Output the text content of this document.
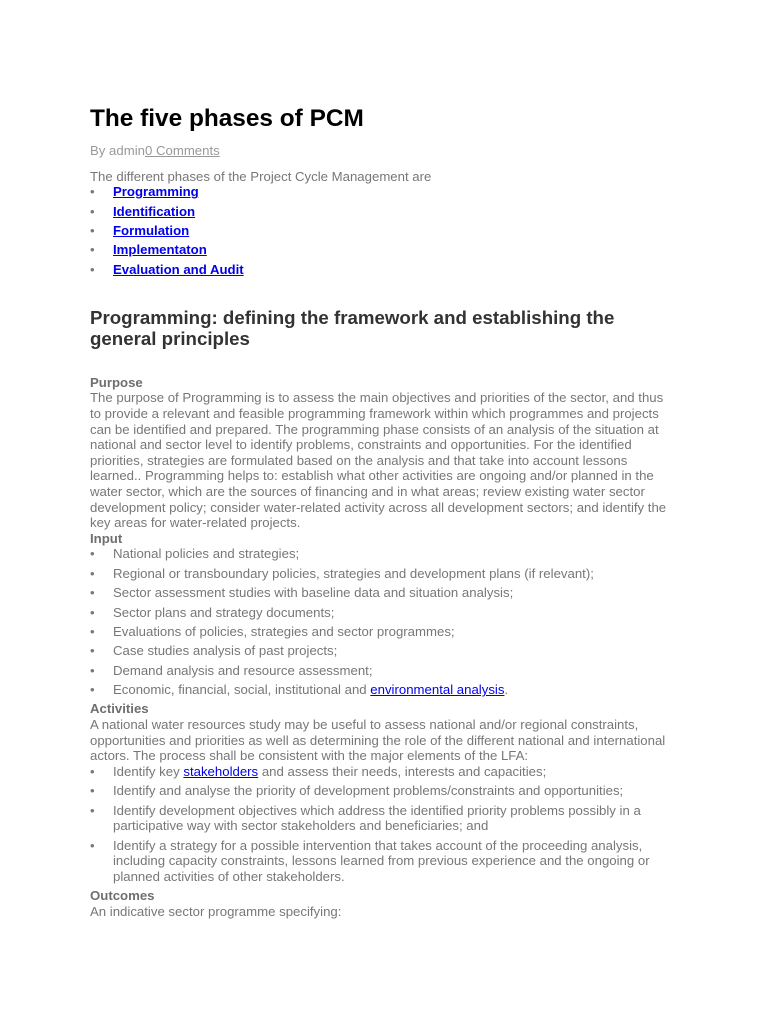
The five phases of PCM
By admin0 Comments

The different phases of the Project Cycle Management are

• Programming
• Identification
• Formulation
• Implementaton
• Evaluation and Audit
Programming: defining the framework and establishing the general principles
Purpose

The purpose of Programming is to assess the main objectives and priorities of the sector, and thus to provide a relevant and feasible programming framework within which programmes and projects can be identified and prepared. The programming phase consists of an analysis of the situation at national and sector level to identify problems, constraints and opportunities. For the identified priorities, strategies are formulated based on the analysis and that take into account lessons learned.. Programming helps to: establish what other activities are ongoing and/or planned in the water sector, which are the sources of financing and in what areas; review existing water sector development policy; consider water-related activity across all development sectors; and identify the key areas for water-related projects.

Input
• National policies and strategies;
• Regional or transboundary policies, strategies and development plans (if relevant);
• Sector assessment studies with baseline data and situation analysis;
• Sector plans and strategy documents;
• Evaluations of policies, strategies and sector programmes;
• Case studies analysis of past projects;
• Demand analysis and resource assessment;
• Economic, financial, social, institutional and environmental analysis.
Activities

A national water resources study may be useful to assess national and/or regional constraints, opportunities and priorities as well as determining the role of the different national and international actors. The process shall be consistent with the major elements of the LFA:

• Identify key stakeholders and assess their needs, interests and capacities;
• Identify and analyse the priority of development problems/constraints and opportunities;
• Identify development objectives which address the identified priority problems possibly in a participative way with sector stakeholders and beneficiaries; and
• Identify a strategy for a possible intervention that takes account of the proceeding analysis, including capacity constraints, lessons learned from previous experience and the ongoing or planned activities of other stakeholders.
Outcomes

An indicative sector programme specifying:
